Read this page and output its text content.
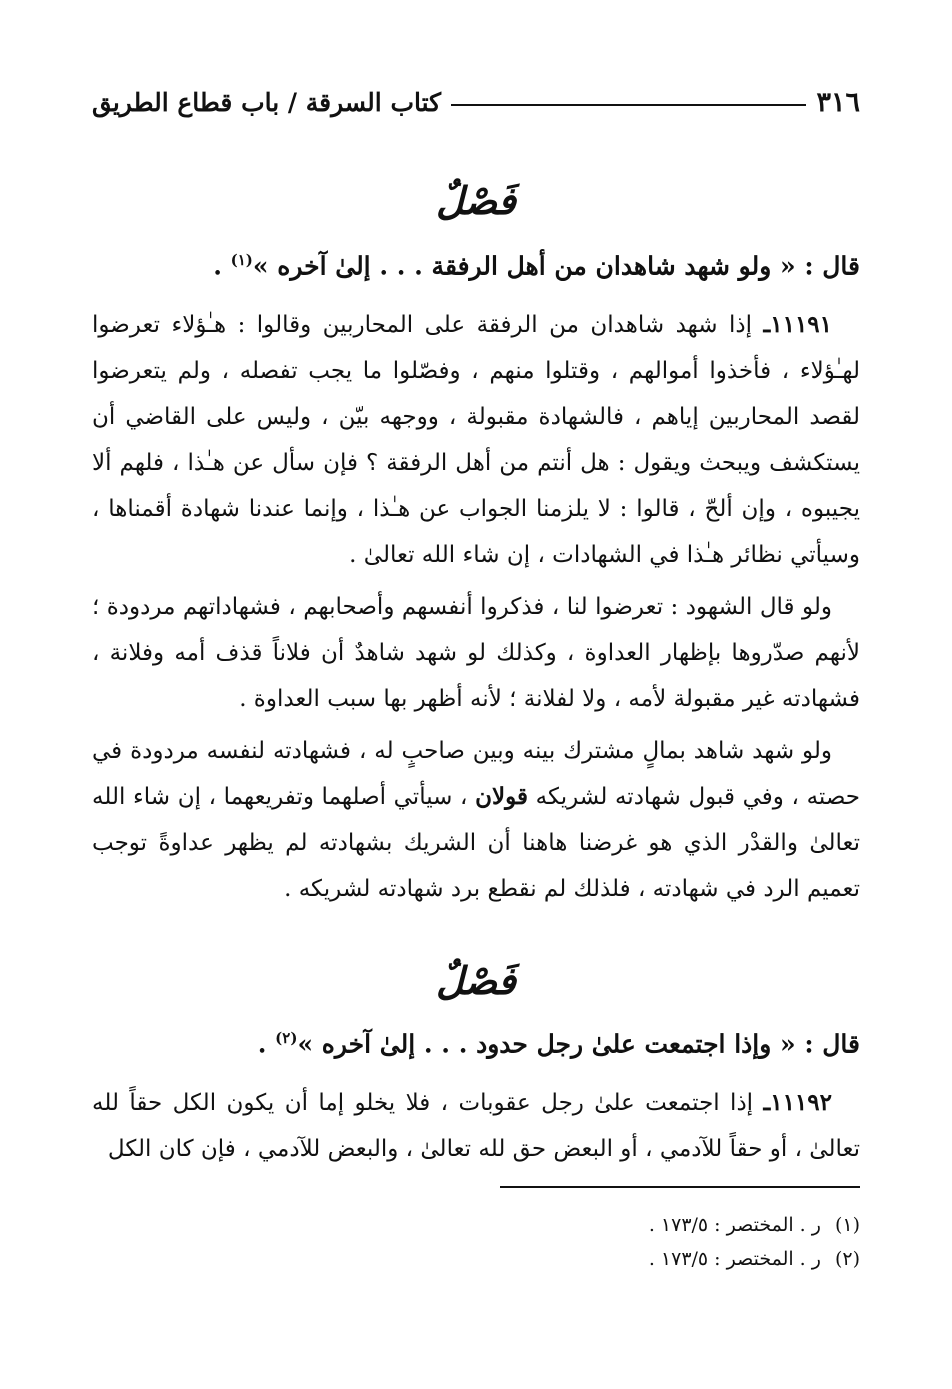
٣١٦
كتاب السرقة / باب قطاع الطريق
فَصْلٌ
قال : « ولو شهد شاهدان من أهل الرفقة . . . إلىٰ آخره »$^{(١)}$ .

١١١٩١ـ إذا شهد شاهدان من الرفقة على المحاربين وقالوا : هـٰؤلاء تعرضوا لهـٰؤلاء ، فأخذوا أموالهم ، وقتلوا منهم ، وفصّلوا ما يجب تفصله ، ولم يتعرضوا لقصد المحاربين إياهم ، فالشهادة مقبولة ، ووجهه بيّن ، وليس على القاضي أن يستكشف ويبحث ويقول : هل أنتم من أهل الرفقة ؟ فإن سأل عن هـٰذا ، فلهم ألا يجيبوه ، وإن ألحّ ، قالوا : لا يلزمنا الجواب عن هـٰذا ، وإنما عندنا شهادة أقمناها ، وسيأتي نظائر هـٰذا في الشهادات ، إن شاء الله تعالىٰ .

ولو قال الشهود : تعرضوا لنا ، فذكروا أنفسهم وأصحابهم ، فشهاداتهم مردودة ؛ لأنهم صدّروها بإظهار العداوة ، وكذلك لو شهد شاهدٌ أن فلاناً قذف أمه وفلانة ، فشهادته غير مقبولة لأمه ، ولا لفلانة ؛ لأنه أظهر بها سبب العداوة .

ولو شهد شاهد بمالٍ مشترك بينه وبين صاحبٍ له ، فشهادته لنفسه مردودة في حصته ، وفي قبول شهادته لشريكه قولان ، سيأتي أصلهما وتفريعهما ، إن شاء الله تعالىٰ والقدْر الذي هو غرضنا هاهنا أن الشريك بشهادته لم يظهر عداوةً توجب تعميم الرد في شهادته ، فلذلك لم نقطع برد شهادته لشريكه .

فَصْلٌ
قال : « وإذا اجتمعت علىٰ رجل حدود . . . إلىٰ آخره »$^{(٢)}$ .

١١١٩٢ـ إذا اجتمعت علىٰ رجل عقوبات ، فلا يخلو إما أن يكون الكل حقاً لله تعالىٰ ، أو حقاً للآدمي ، أو البعض حق لله تعالىٰ ، والبعض للآدمي ، فإن كان الكل

(١)
ر . المختصر : ١٧٣/٥ .
(٢)
ر . المختصر : ١٧٣/٥ .
